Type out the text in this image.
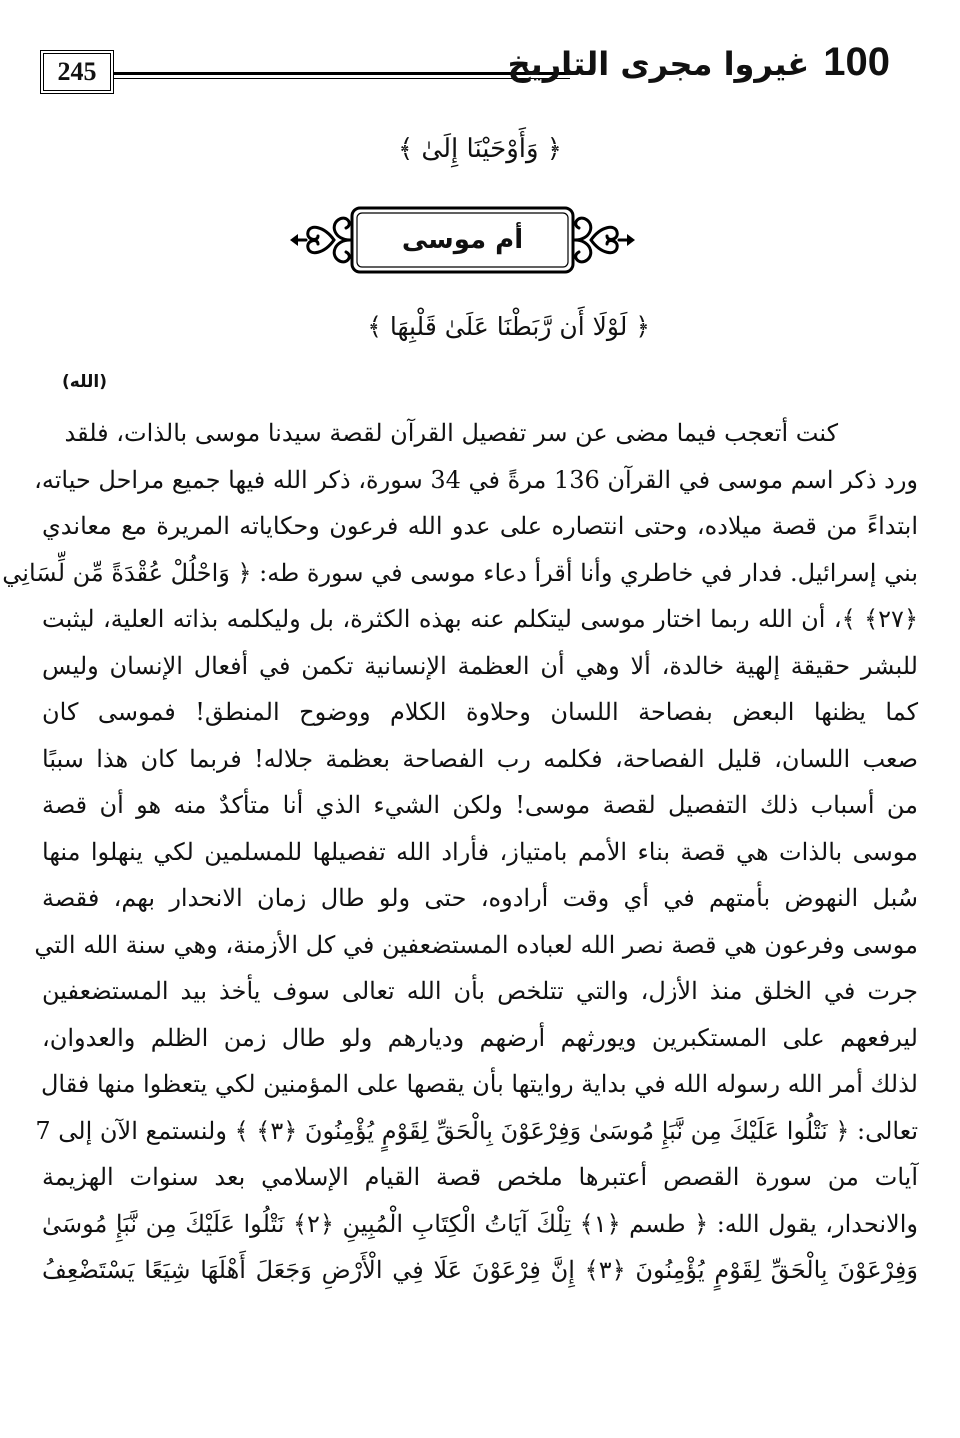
245	100
غيروا مجرى التاريخ
﴿ وَأَوْحَيْنَا إِلَىٰ ﴾
أم موسى
﴿ لَوْلَا أَن رَّبَطْنَا عَلَىٰ قَلْبِهَا ﴾
(الله)
كنت أتعجب فيما مضى عن سر تفصيل القرآن لقصة سيدنا موسى بالذات، فلقد
ورد ذكر اسم موسى في القرآن 136 مرةً في 34 سورة، ذكر الله فيها جميع مراحل حياته،
ابتداءً من قصة ميلاده، وحتى انتصاره على عدو الله فرعون وحكاياته المريرة مع معاندي
بني إسرائيل. فدار في خاطري وأنا أقرأ دعاء موسى في سورة طه: ﴿ وَاحْلُلْ عُقْدَةً مِّن لِّسَانِي
﴿٢٧﴾ ﴾، أن الله ربما اختار موسى ليتكلم عنه بهذه الكثرة، بل وليكلمه بذاته العلية، ليثبت
للبشر حقيقة إلهية خالدة، ألا وهي أن العظمة الإنسانية تكمن في أفعال الإنسان وليس
كما يظنها البعض بفصاحة اللسان وحلاوة الكلام ووضوح المنطق! فموسى كان
صعب اللسان، قليل الفصاحة، فكلمه رب الفصاحة بعظمة جلاله! فربما كان هذا سببًا
من أسباب ذلك التفصيل لقصة موسى! ولكن الشيء الذي أنا متأكدٌ منه هو أن قصة
موسى بالذات هي قصة بناء الأمم بامتياز، فأراد الله تفصيلها للمسلمين لكي ينهلوا منها
سُبل النهوض بأمتهم في أي وقت أرادوه، حتى ولو طال زمان الانحدار بهم، فقصة
موسى وفرعون هي قصة نصر الله لعباده المستضعفين في كل الأزمنة، وهي سنة الله التي
جرت في الخلق منذ الأزل، والتي تتلخص بأن الله تعالى سوف يأخذ بيد المستضعفين
ليرفعهم على المستكبرين ويورثهم أرضهم وديارهم ولو طال زمن الظلم والعدوان،
لذلك أمر الله رسوله الله في بداية روايتها بأن يقصها على المؤمنين لكي يتعظوا منها فقال
تعالى: ﴿ نَتْلُوا عَلَيْكَ مِن نَّبَإِ مُوسَىٰ وَفِرْعَوْنَ بِالْحَقِّ لِقَوْمٍ يُؤْمِنُونَ ﴿٣﴾ ﴾ ولنستمع الآن إلى 7
آيات من سورة القصص أعتبرها ملخص قصة القيام الإسلامي بعد سنوات الهزيمة
والانحدار، يقول الله: ﴿ طسم ﴿١﴾ تِلْكَ آيَاتُ الْكِتَابِ الْمُبِينِ ﴿٢﴾ نَتْلُوا عَلَيْكَ مِن نَّبَإِ مُوسَىٰ
وَفِرْعَوْنَ بِالْحَقِّ لِقَوْمٍ يُؤْمِنُونَ ﴿٣﴾ إِنَّ فِرْعَوْنَ عَلَا فِي الْأَرْضِ وَجَعَلَ أَهْلَهَا شِيَعًا يَسْتَضْعِفُ
